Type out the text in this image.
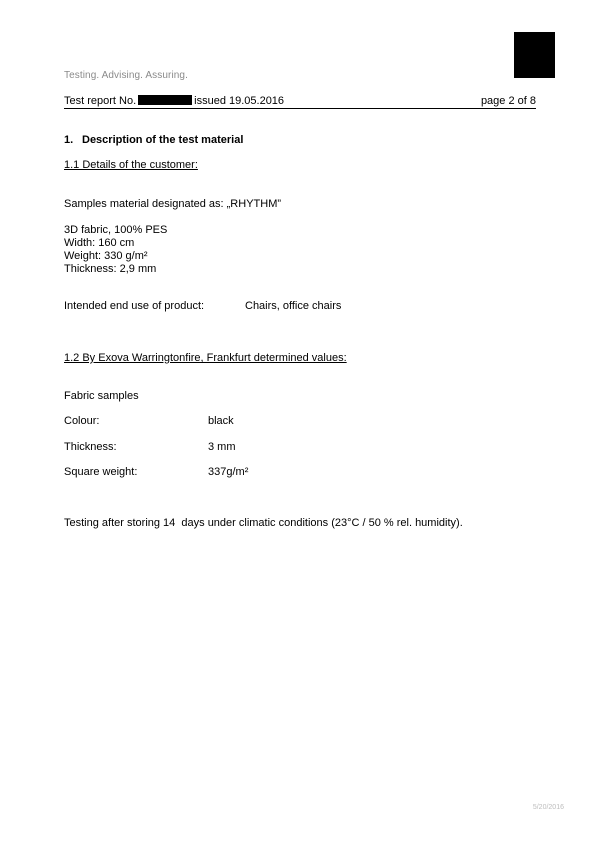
Testing. Advising. Assuring.
Test report No.	issued 19.05.2016	page 2 of 8
1. Description of the test material
1.1 Details of the customer:
Samples material designated as: „RHYTHM”
3D fabric, 100% PES
Width: 160 cm
Weight: 330 g/m²
Thickness: 2,9 mm
Intended end use of product:	Chairs, office chairs
1.2 By Exova Warringtonfire, Frankfurt determined values:
Fabric samples
Colour:	black
Thickness:	3 mm
Square weight:	337g/m²
Testing after storing 14  days under climatic conditions (23°C / 50 % rel. humidity).
5/20/2016
